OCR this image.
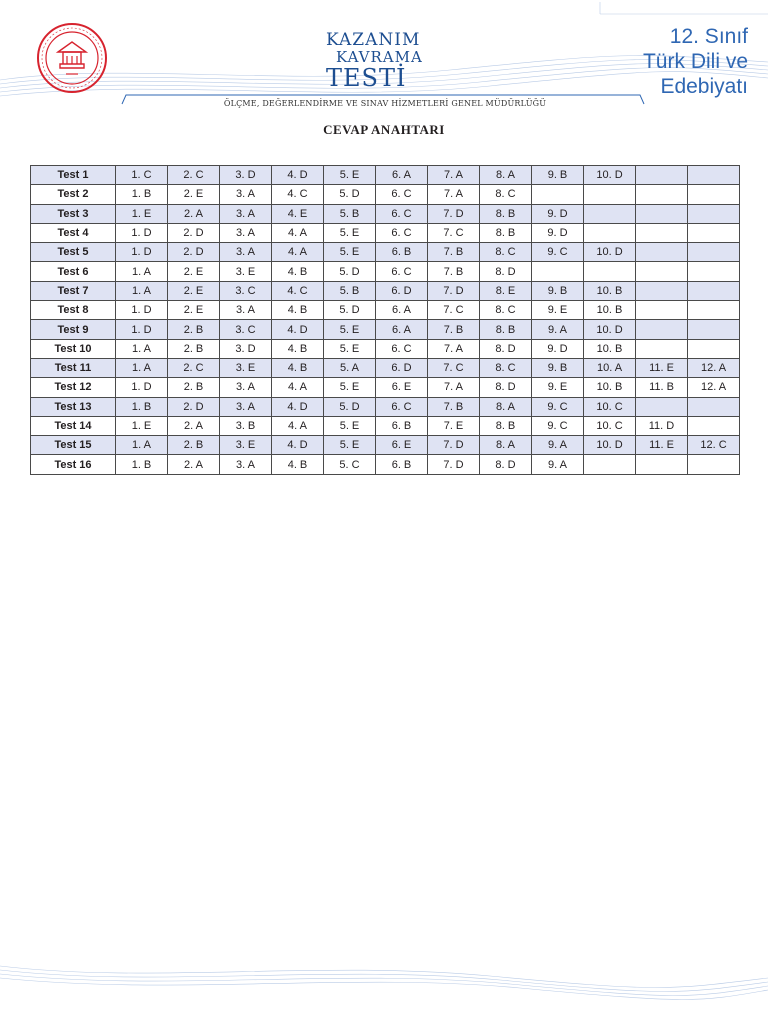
KAZANIM
KAVRAMA
TESTİ
12. Sınıf
Türk Dili ve
Edebiyatı
ÖLÇME, DEĞERLENDİRME VE SINAV HİZMETLERİ GENEL MÜDÜRLÜĞÜ
CEVAP ANAHTARI
Test 1	1. C	2. C	3. D	4. D	5. E	6. A	7. A	8. A	9. B	10. D		
Test 2	1. B	2. E	3. A	4. C	5. D	6. C	7. A	8. C				
Test 3	1. E	2. A	3. A	4. E	5. B	6. C	7. D	8. B	9. D			
Test 4	1. D	2. D	3. A	4. A	5. E	6. C	7. C	8. B	9. D			
Test 5	1. D	2. D	3. A	4. A	5. E	6. B	7. B	8. C	9. C	10. D		
Test 6	1. A	2. E	3. E	4. B	5. D	6. C	7. B	8. D				
Test 7	1. A	2. E	3. C	4. C	5. B	6. D	7. D	8. E	9. B	10. B		
Test 8	1. D	2. E	3. A	4. B	5. D	6. A	7. C	8. C	9. E	10. B		
Test 9	1. D	2. B	3. C	4. D	5. E	6. A	7. B	8. B	9. A	10. D		
Test 10	1. A	2. B	3. D	4. B	5. E	6. C	7. A	8. D	9. D	10. B		
Test 11	1. A	2. C	3. E	4. B	5. A	6. D	7. C	8. C	9. B	10. A	11. E	12. A
Test 12	1. D	2. B	3. A	4. A	5. E	6. E	7. A	8. D	9. E	10. B	11. B	12. A
Test 13	1. B	2. D	3. A	4. D	5. D	6. C	7. B	8. A	9. C	10. C		
Test 14	1. E	2. A	3. B	4. A	5. E	6. B	7. E	8. B	9. C	10. C	11. D	
Test 15	1. A	2. B	3. E	4. D	5. E	6. E	7. D	8. A	9. A	10. D	11. E	12. C
Test 16	1. B	2. A	3. A	4. B	5. C	6. B	7. D	8. D	9. A			
